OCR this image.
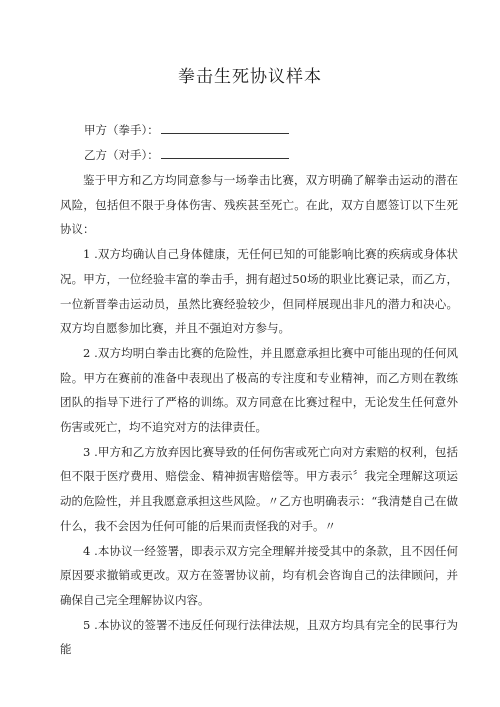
拳击生死协议样本
甲方（拳手）：
乙方（对手）：

鉴于甲方和乙方均同意参与一场拳击比赛，双方明确了解拳击运动的潜在风险，包括但不限于身体伤害、残疾甚至死亡。在此，双方自愿签订以下生死协议：

1 .双方均确认自己身体健康，无任何已知的可能影响比赛的疾病或身体状况。甲方，一位经验丰富的拳击手，拥有超过50场的职业比赛记录，而乙方，一位新晋拳击运动员，虽然比赛经验较少，但同样展现出非凡的潜力和决心。双方均自愿参加比赛，并且不强迫对方参与。

2 .双方均明白拳击比赛的危险性，并且愿意承担比赛中可能出现的任何风险。甲方在赛前的准备中表现出了极高的专注度和专业精神，而乙方则在教练团队的指导下进行了严格的训练。双方同意在比赛过程中，无论发生任何意外伤害或死亡，均不追究对方的法律责任。

3 .甲方和乙方放弃因比赛导致的任何伤害或死亡向对方索赔的权利，包括但不限于医疗费用、赔偿金、精神损害赔偿等。甲方表示〞我完全理解这项运动的危险性，并且我愿意承担这些风险。〃乙方也明确表示：“我清楚自己在做什么，我不会因为任何可能的后果而责怪我的对手。〃

4 .本协议一经签署，即表示双方完全理解并接受其中的条款，且不因任何原因要求撤销或更改。双方在签署协议前，均有机会咨询自己的法律顾问，并确保自己完全理解协议内容。

5 .本协议的签署不违反任何现行法律法规，且双方均具有完全的民事行为能
